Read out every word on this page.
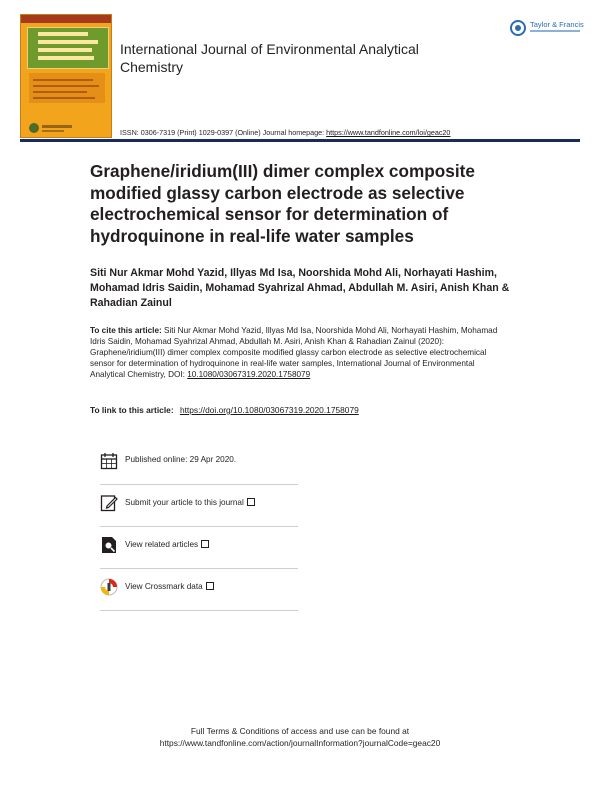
International Journal of Environmental Analytical Chemistry
Taylor & Francis
ISSN: 0306-7319 (Print) 1029-0397 (Online) Journal homepage: https://www.tandfonline.com/loi/geac20
Graphene/iridium(III) dimer complex composite modified glassy carbon electrode as selective electrochemical sensor for determination of hydroquinone in real-life water samples
Siti Nur Akmar Mohd Yazid, Illyas Md Isa, Noorshida Mohd Ali, Norhayati Hashim, Mohamad Idris Saidin, Mohamad Syahrizal Ahmad, Abdullah M. Asiri, Anish Khan & Rahadian Zainul
To cite this article: Siti Nur Akmar Mohd Yazid, Illyas Md Isa, Noorshida Mohd Ali, Norhayati Hashim, Mohamad Idris Saidin, Mohamad Syahrizal Ahmad, Abdullah M. Asiri, Anish Khan & Rahadian Zainul (2020): Graphene/iridium(III) dimer complex composite modified glassy carbon electrode as selective electrochemical sensor for determination of hydroquinone in real-life water samples, International Journal of Environmental Analytical Chemistry, DOI: 10.1080/03067319.2020.1758079
To link to this article: https://doi.org/10.1080/03067319.2020.1758079
Published online: 29 Apr 2020.
Submit your article to this journal
View related articles
View Crossmark data
Full Terms & Conditions of access and use can be found at
https://www.tandfonline.com/action/journalInformation?journalCode=geac20
